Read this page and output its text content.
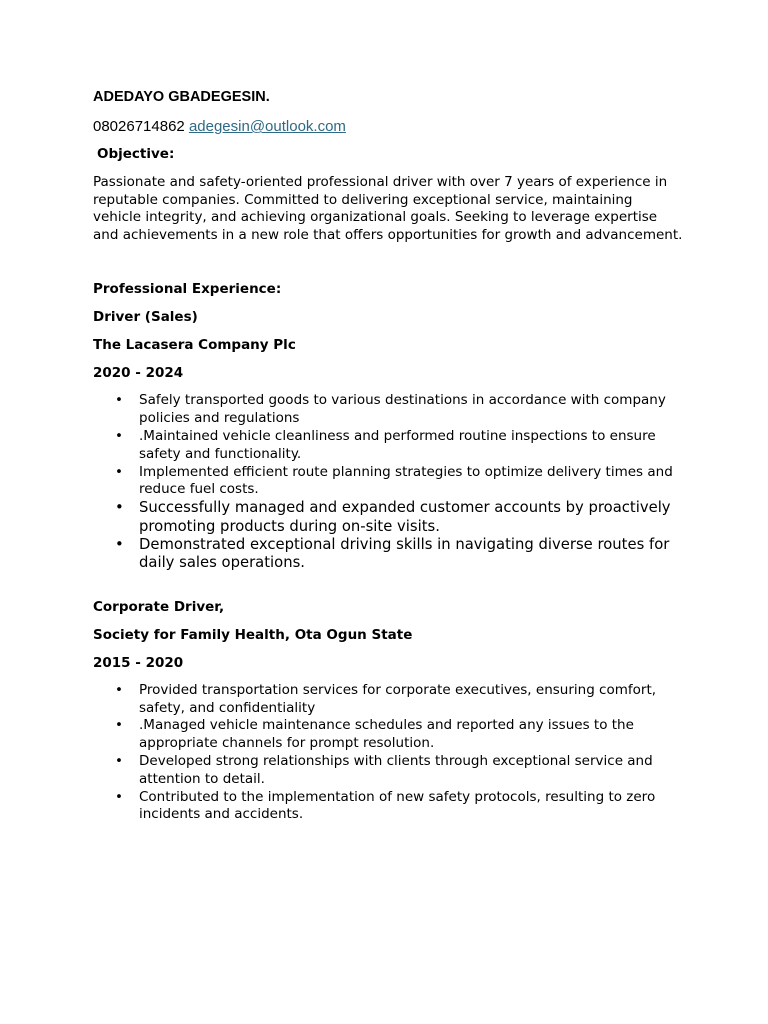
ADEDAYO GBADEGESIN.

08026714862 adegesin@outlook.com

Objective:

Passionate and safety-oriented professional driver with over 7 years of experience in reputable companies. Committed to delivering exceptional service, maintaining vehicle integrity, and achieving organizational goals. Seeking to leverage expertise and achievements in a new role that offers opportunities for growth and advancement.

Professional Experience:

Driver (Sales)

The Lacasera Company Plc

2020 - 2024

• Safely transported goods to various destinations in accordance with company policies and regulations
• .Maintained vehicle cleanliness and performed routine inspections to ensure safety and functionality.
• Implemented efficient route planning strategies to optimize delivery times and reduce fuel costs.
• Successfully managed and expanded customer accounts by proactively promoting products during on-site visits.
• Demonstrated exceptional driving skills in navigating diverse routes for daily sales operations.

Corporate Driver,

Society for Family Health, Ota Ogun State

2015 - 2020

• Provided transportation services for corporate executives, ensuring comfort, safety, and confidentiality
• .Managed vehicle maintenance schedules and reported any issues to the appropriate channels for prompt resolution.
• Developed strong relationships with clients through exceptional service and attention to detail.
• Contributed to the implementation of new safety protocols, resulting to zero incidents and accidents.
